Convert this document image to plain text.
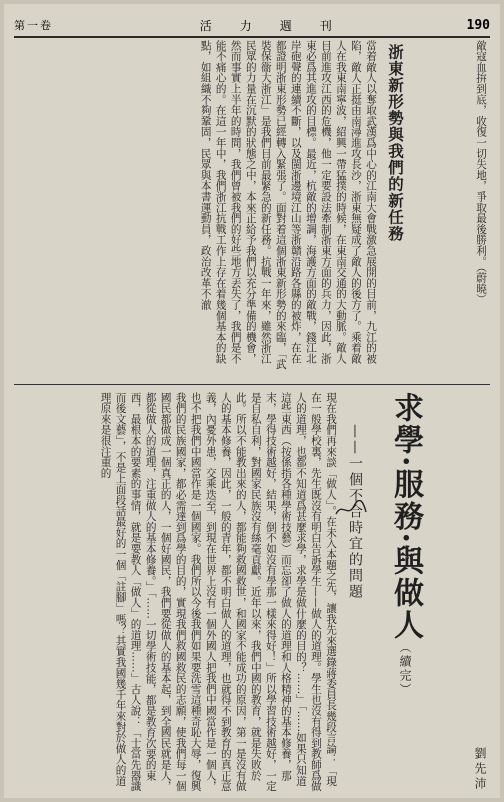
第一卷	活力週刊	190
敵寇血拚到底，收復一切失地，爭取最後勝利。（蔚曉）
浙東新形勢與我們的新任務
當着敵人以奪取武漢爲中心的江南大會戰激急展開的目前，九江的被陷，敵人正挺由南潯進攻長沙，浙東無疑成了敵人的後方了。乘着敵人在我東南寧波，紹興一帶猛撲的時候，在東南交通的大動脈。敵人目前進攻江西的危機，他一定要設法牽制浙東方面的兵力，因此，浙東必爲其進攻的目標。最近，杭敵的增調，海護方面的敵戰，錢江北岸砲聲的連續不斷，以及閩浙邊境江山等浙贛沿路各縣的被炸，在在都證明浙東形勢已經轉入緊張了。面對着這個浙東新形勢的來臨，「武裝保衞大浙江」是我們目前最緊急的新任務。抗戰一年來，雖然浙江民眾的力量在沉默的狀態之中，本來正給予我們以充分準備的機會，然而事實上半年的時間，我們曾被我們的好些地方丟失了，我們是不能不痛心的。在這一年中，我們浙江抗戰工作上存在着幾個基本的缺點，如組織不夠鞏固，民眾與本書運動員，政治改革不澈
劉先沛
求學·服務·與做人（續完）
——一個不合時宜的問題
現在我們再來談「做人」。在未入本題之先，讓我先來選錄蔣委員長幾段言論：「現在一般學校裏，先生既沒有明白告訴學生——做人的道理。學生也沒有得到教師爲做人的道理，也都不知道爲甚麼求學，求學是做什麼的目的？……」「……如果只知道這些東西（按係指各種學術技藝）而忘卻了做人的道理和人格精神的基本修養，那末，學得技術越好，結果，倒不如沒有學那一樣來得好！」所以學習技術越好，一定是自私自利，對國家民族沒有絲毫貢獻。近年以來，我們中國的教育，就是失敗於此。所以不能教出來的人，都能夠救國救世，和國家不能成功的原因，第一是沒有做人的基本修養，因此，一般的青年，都不明白做人的道理，也就得不到教育的真正意義，內憂外患，交乘迭至，到現在世界上沒有一個外國人把我們中國當作是一個人，也不把我們中國當作是一個國家。我們所以今後我們如果要洗雪這種奇恥大辱，復興我們的民族國家，都必需達到爲學的目的，實現我們救國救民的志願，使我們每一個國民都做成一個真正的人，一個好國民，我們要從做人的基本起，到全國民就是人，都從做人的道理，注重做人的基本修養。」「……一切學術技能，都是教育次要的東西，最根本的要素的事情，就是要教人「做人」的道理……」古人說：「士當先器識而後文藝」，不是上面段話最好的一個「註腳」嗎？其實我國幾千年來對於做人的道理原來是很注重的
